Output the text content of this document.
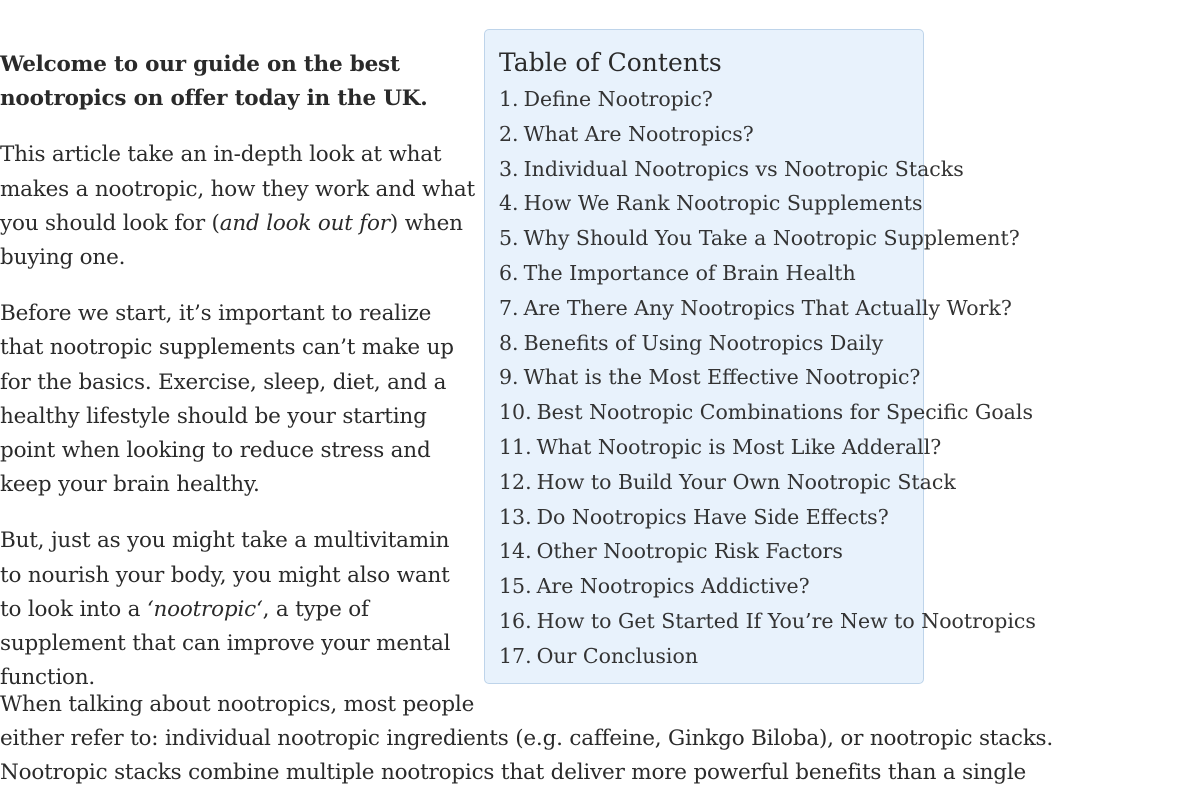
Welcome to our guide on the best nootropics on offer today in the UK.

This article take an in-depth look at what makes a nootropic, how they work and what you should look for (and look out for) when buying one.

Before we start, it’s important to realize that nootropic supplements can’t make up for the basics. Exercise, sleep, diet, and a healthy lifestyle should be your starting point when looking to reduce stress and keep your brain healthy.

But, just as you might take a multivitamin to nourish your body, you might also want to look into a ‘nootropic‘, a type of supplement that can improve your mental function.

Table of Contents
1. Define Nootropic?
2. What Are Nootropics?
3. Individual Nootropics vs Nootropic Stacks
4. How We Rank Nootropic Supplements
5. Why Should You Take a Nootropic Supplement?
6. The Importance of Brain Health
7. Are There Any Nootropics That Actually Work?
8. Benefits of Using Nootropics Daily
9. What is the Most Effective Nootropic?
10. Best Nootropic Combinations for Specific Goals
11. What Nootropic is Most Like Adderall?
12. How to Build Your Own Nootropic Stack
13. Do Nootropics Have Side Effects?
14. Other Nootropic Risk Factors
15. Are Nootropics Addictive?
16. How to Get Started If You’re New to Nootropics
17. Our Conclusion
When talking about nootropics, most people
either refer to: individual nootropic ingredients (e.g. caffeine, Ginkgo Biloba), or nootropic stacks.
Nootropic stacks combine multiple nootropics that deliver more powerful benefits than a single
